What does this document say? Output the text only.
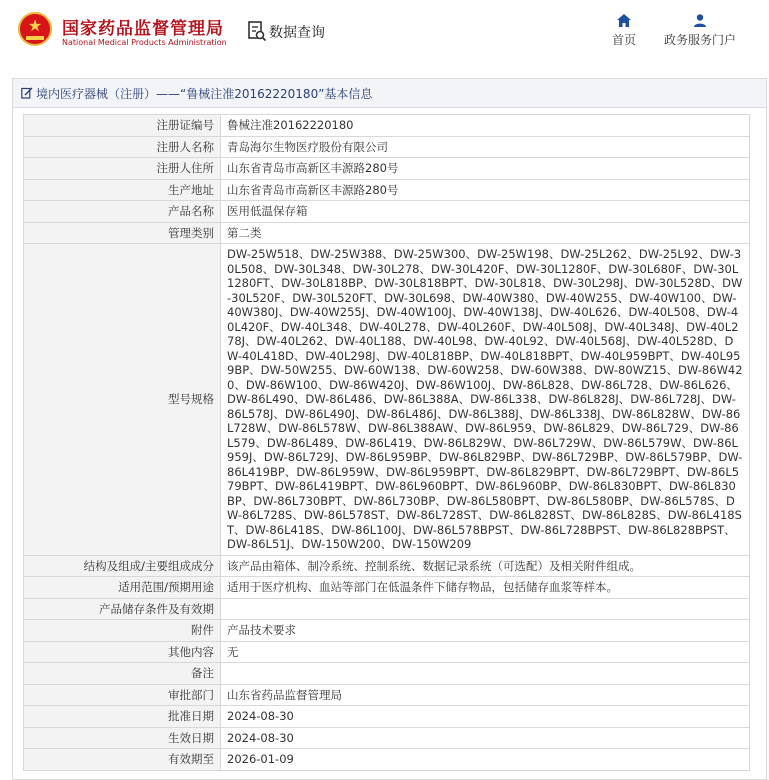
★	国家药品监督管理局
National Medical Products Administration
数据查询	首页	政务服务门户
境内医疗器械（注册）——“鲁械注准20162220180”基本信息
注册证编号	鲁械注准20162220180
注册人名称	青岛海尔生物医疗股份有限公司
注册人住所	山东省青岛市高新区丰源路280号
生产地址	山东省青岛市高新区丰源路280号
产品名称	医用低温保存箱
管理类别	第二类
型号规格	DW-25W518、DW-25W388、DW-25W300、DW-25W198、DW-25L262、DW-25L92、DW-30L508、DW-30L348、DW-30L278、DW-30L420F、DW-30L1280F、DW-30L680F、DW-30L1280FT、DW-30L818BP、DW-30L818BPT、DW-30L818、DW-30L298J、DW-30L528D、DW-30L520F、DW-30L520FT、DW-30L698、DW-40W380、DW-40W255、DW-40W100、DW-40W380J、DW-40W255J、DW-40W100J、DW-40W138J、DW-40L626、DW-40L508、DW-40L420F、DW-40L348、DW-40L278、DW-40L260F、DW-40L508J、DW-40L348J、DW-40L278J、DW-40L262、DW-40L188、DW-40L98、DW-40L92、DW-40L568J、DW-40L528D、DW-40L418D、DW-40L298J、DW-40L818BP、DW-40L818BPT、DW-40L959BPT、DW-40L959BP、DW-50W255、DW-60W138、DW-60W258、DW-60W388、DW-80WZ15、DW-86W420、DW-86W100、DW-86W420J、DW-86W100J、DW-86L828、DW-86L728、DW-86L626、DW-86L490、DW-86L486、DW-86L388A、DW-86L338、DW-86L828J、DW-86L728J、DW-86L578J、DW-86L490J、DW-86L486J、DW-86L388J、DW-86L338J、DW-86L828W、DW-86L728W、DW-86L578W、DW-86L388AW、DW-86L959、DW-86L829、DW-86L729、DW-86L579、DW-86L489、DW-86L419、DW-86L829W、DW-86L729W、DW-86L579W、DW-86L959J、DW-86L729J、DW-86L959BP、DW-86L829BP、DW-86L729BP、DW-86L579BP、DW-86L419BP、DW-86L959W、DW-86L959BPT、DW-86L829BPT、DW-86L729BPT、DW-86L579BPT、DW-86L419BPT、DW-86L960BPT、DW-86L960BP、DW-86L830BPT、DW-86L830BP、DW-86L730BPT、DW-86L730BP、DW-86L580BPT、DW-86L580BP、DW-86L578S、DW-86L728S、DW-86L578ST、DW-86L728ST、DW-86L828ST、DW-86L828S、DW-86L418ST、DW-86L418S、DW-86L100J、DW-86L578BPST、DW-86L728BPST、DW-86L828BPST、DW-86L51J、DW-150W200、DW-150W209
结构及组成/主要组成成分	该产品由箱体、制冷系统、控制系统、数据记录系统（可选配）及相关附件组成。
适用范围/预期用途	适用于医疗机构、血站等部门在低温条件下储存物品，包括储存血浆等样本。
产品储存条件及有效期	
附件	产品技术要求
其他内容	无
备注	
审批部门	山东省药品监督管理局
批准日期	2024-08-30
生效日期	2024-08-30
有效期至	2026-01-09
